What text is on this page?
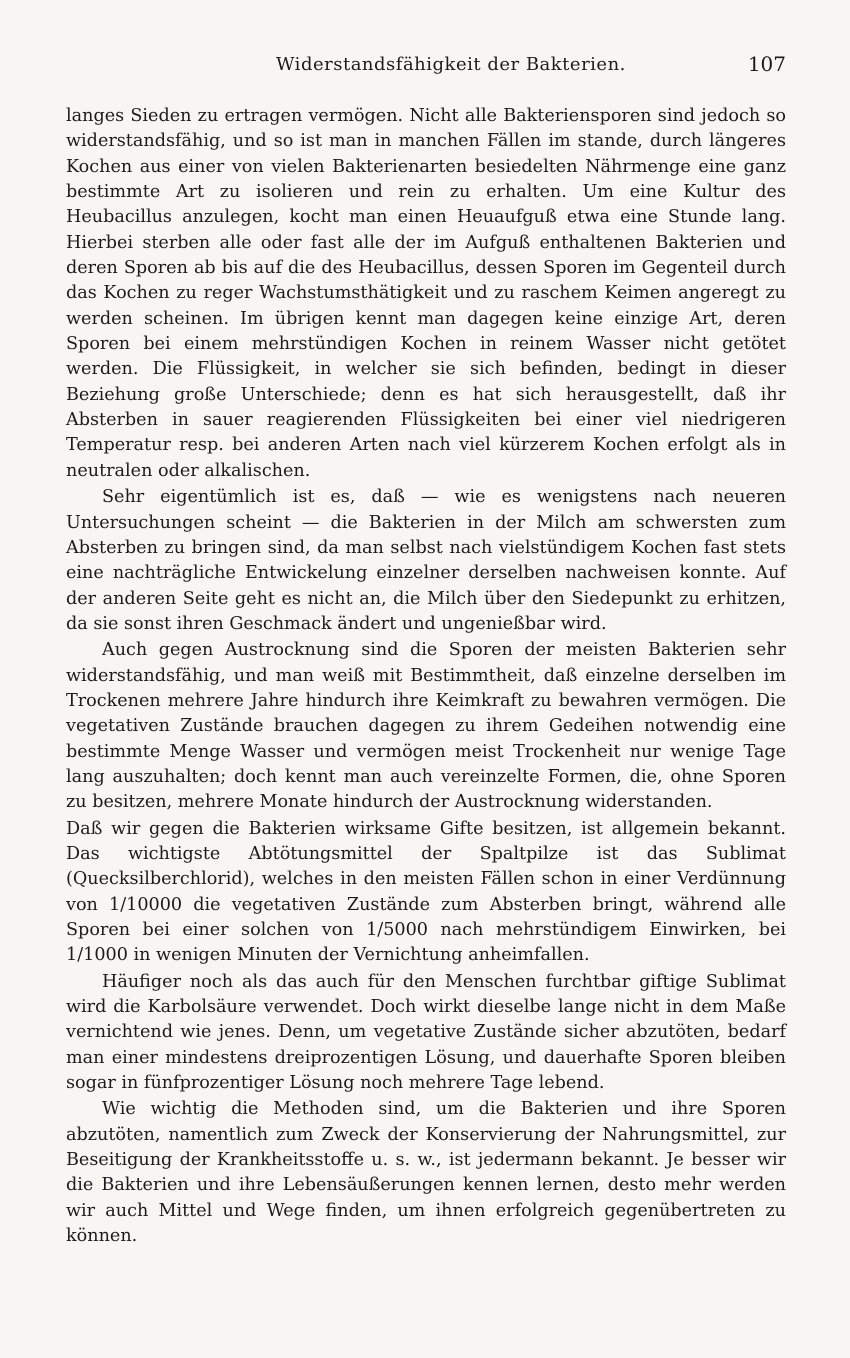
Widerstandsfähigkeit der Bakterien.	107

langes Sieden zu ertragen vermögen. Nicht alle Bakteriensporen sind jedoch so widerstandsfähig, und so ist man in manchen Fällen im stande, durch längeres Kochen aus einer von vielen Bakterienarten besiedelten Nährmenge eine ganz bestimmte Art zu isolieren und rein zu erhalten. Um eine Kultur des Heubacillus anzulegen, kocht man einen Heuaufguß etwa eine Stunde lang. Hierbei sterben alle oder fast alle der im Aufguß enthaltenen Bakterien und deren Sporen ab bis auf die des Heubacillus, dessen Sporen im Gegenteil durch das Kochen zu reger Wachstumsthätigkeit und zu raschem Keimen angeregt zu werden scheinen. Im übrigen kennt man dagegen keine einzige Art, deren Sporen bei einem mehrstündigen Kochen in reinem Wasser nicht getötet werden. Die Flüssigkeit, in welcher sie sich befinden, bedingt in dieser Beziehung große Unterschiede; denn es hat sich herausgestellt, daß ihr Absterben in sauer reagierenden Flüssigkeiten bei einer viel niedrigeren Temperatur resp. bei anderen Arten nach viel kürzerem Kochen erfolgt als in neutralen oder alkalischen.

Sehr eigentümlich ist es, daß — wie es wenigstens nach neueren Untersuchungen scheint — die Bakterien in der Milch am schwersten zum Absterben zu bringen sind, da man selbst nach vielstündigem Kochen fast stets eine nachträgliche Entwickelung einzelner derselben nachweisen konnte. Auf der anderen Seite geht es nicht an, die Milch über den Siedepunkt zu erhitzen, da sie sonst ihren Geschmack ändert und ungenießbar wird.

Auch gegen Austrocknung sind die Sporen der meisten Bakterien sehr widerstandsfähig, und man weiß mit Bestimmtheit, daß einzelne derselben im Trockenen mehrere Jahre hindurch ihre Keimkraft zu bewahren vermögen. Die vegetativen Zustände brauchen dagegen zu ihrem Gedeihen notwendig eine bestimmte Menge Wasser und vermögen meist Trockenheit nur wenige Tage lang auszuhalten; doch kennt man auch vereinzelte Formen, die, ohne Sporen zu besitzen, mehrere Monate hindurch der Austrocknung widerstanden.

Daß wir gegen die Bakterien wirksame Gifte besitzen, ist allgemein bekannt. Das wichtigste Abtötungsmittel der Spaltpilze ist das Sublimat (Quecksilberchlorid), welches in den meisten Fällen schon in einer Verdünnung von 1/10000 die vegetativen Zustände zum Absterben bringt, während alle Sporen bei einer solchen von 1/5000 nach mehrstündigem Einwirken, bei 1/1000 in wenigen Minuten der Vernichtung anheimfallen.

Häufiger noch als das auch für den Menschen furchtbar giftige Sublimat wird die Karbolsäure verwendet. Doch wirkt dieselbe lange nicht in dem Maße vernichtend wie jenes. Denn, um vegetative Zustände sicher abzutöten, bedarf man einer mindestens dreiprozentigen Lösung, und dauerhafte Sporen bleiben sogar in fünfprozentiger Lösung noch mehrere Tage lebend.

Wie wichtig die Methoden sind, um die Bakterien und ihre Sporen abzutöten, namentlich zum Zweck der Konservierung der Nahrungsmittel, zur Beseitigung der Krankheitsstoffe u. s. w., ist jedermann bekannt. Je besser wir die Bakterien und ihre Lebensäußerungen kennen lernen, desto mehr werden wir auch Mittel und Wege finden, um ihnen erfolgreich gegenübertreten zu können.
